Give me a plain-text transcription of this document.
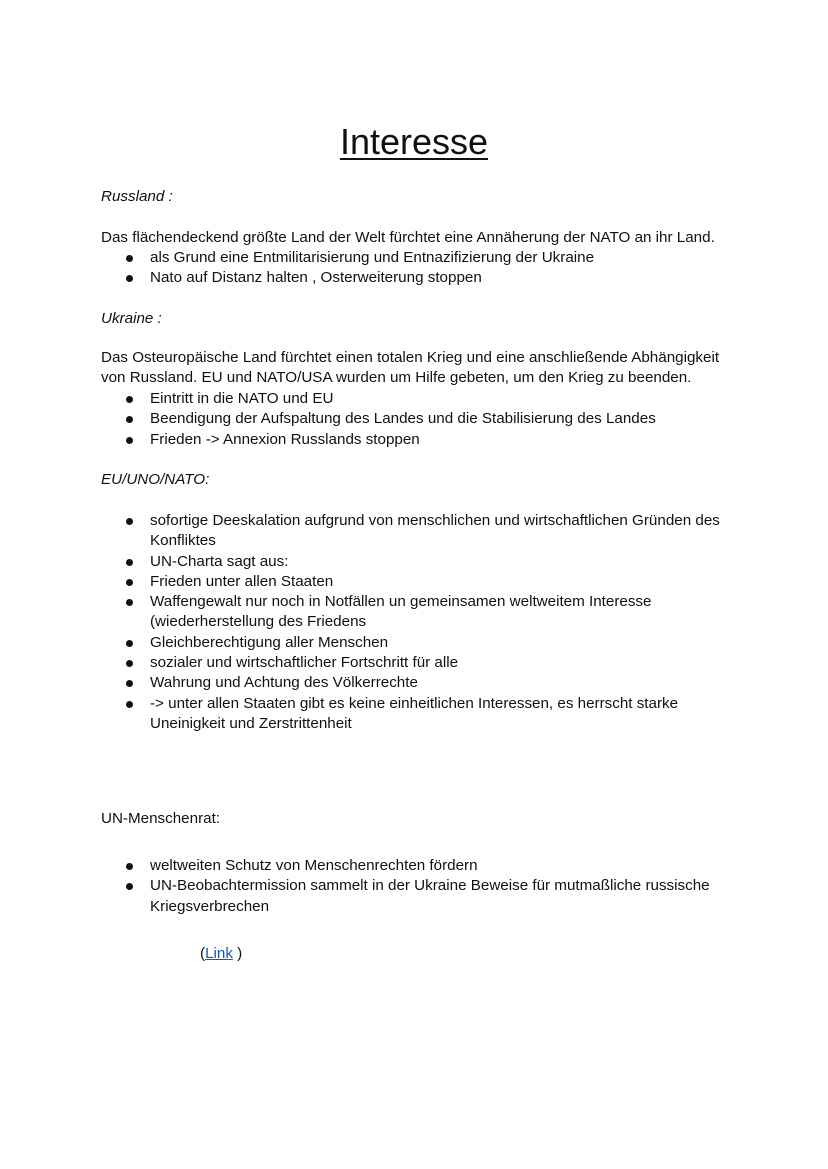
Interesse

Russland :

Das flächendeckend größte Land der Welt fürchtet eine Annäherung der NATO an ihr Land.

als Grund eine Entmilitarisierung und Entnazifizierung der Ukraine
Nato auf Distanz halten , Osterweiterung stoppen

Ukraine :

Das Osteuropäische Land fürchtet einen totalen Krieg und eine anschließende Abhängigkeit von Russland. EU und NATO/USA wurden um Hilfe gebeten, um den Krieg zu beenden.

Eintritt in die NATO und EU
Beendigung der Aufspaltung des Landes und die Stabilisierung des Landes
Frieden -> Annexion Russlands stoppen

EU/UNO/NATO:

sofortige Deeskalation aufgrund von menschlichen und wirtschaftlichen Gründen des Konfliktes
UN-Charta sagt aus:
Frieden unter allen Staaten
Waffengewalt nur noch in Notfällen un gemeinsamen weltweitem Interesse (wiederherstellung des Friedens
Gleichberechtigung aller Menschen
sozialer und wirtschaftlicher Fortschritt für alle
Wahrung und Achtung des Völkerrechte
-> unter allen Staaten gibt es keine einheitlichen Interessen, es herrscht starke Uneinigkeit und Zerstrittenheit

UN-Menschenrat:

weltweiten Schutz von Menschenrechten fördern
UN-Beobachtermission sammelt in der Ukraine Beweise für mutmaßliche russische Kriegsverbrechen
(Link )
